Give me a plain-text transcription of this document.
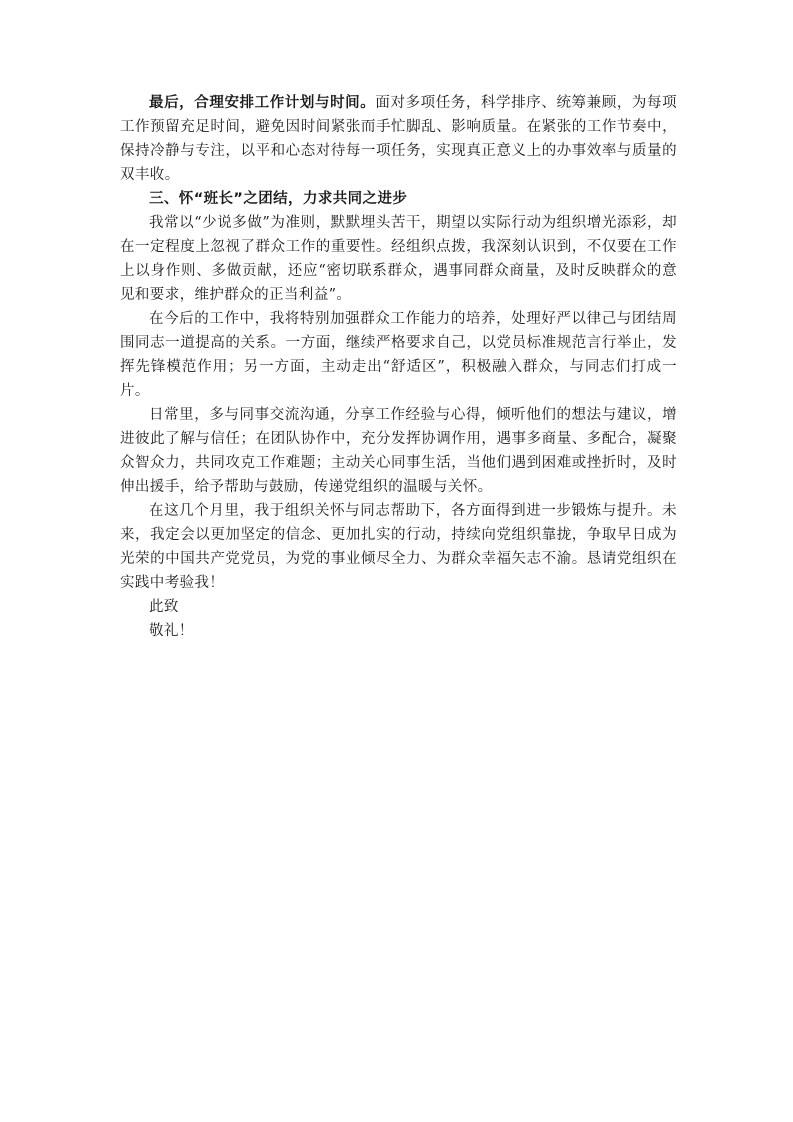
最后，合理安排工作计划与时间。面对多项任务，科学排序、统筹兼顾，为每项工作预留充足时间，避免因时间紧张而手忙脚乱、影响质量。在紧张的工作节奏中，保持冷静与专注，以平和心态对待每一项任务，实现真正意义上的办事效率与质量的双丰收。

三、怀“班长”之团结，力求共同之进步

我常以“少说多做”为准则，默默埋头苦干，期望以实际行动为组织增光添彩，却在一定程度上忽视了群众工作的重要性。经组织点拨，我深刻认识到，不仅要在工作上以身作则、多做贡献，还应“密切联系群众，遇事同群众商量，及时反映群众的意见和要求，维护群众的正当利益”。

在今后的工作中，我将特别加强群众工作能力的培养，处理好严以律己与团结周围同志一道提高的关系。一方面，继续严格要求自己，以党员标准规范言行举止，发挥先锋模范作用；另一方面，主动走出“舒适区”，积极融入群众，与同志们打成一片。

日常里，多与同事交流沟通，分享工作经验与心得，倾听他们的想法与建议，增进彼此了解与信任；在团队协作中，充分发挥协调作用，遇事多商量、多配合，凝聚众智众力，共同攻克工作难题；主动关心同事生活，当他们遇到困难或挫折时，及时伸出援手，给予帮助与鼓励，传递党组织的温暖与关怀。

在这几个月里，我于组织关怀与同志帮助下，各方面得到进一步锻炼与提升。未来，我定会以更加坚定的信念、更加扎实的行动，持续向党组织靠拢，争取早日成为光荣的中国共产党党员，为党的事业倾尽全力、为群众幸福矢志不渝。恳请党组织在实践中考验我！

此致

敬礼！
